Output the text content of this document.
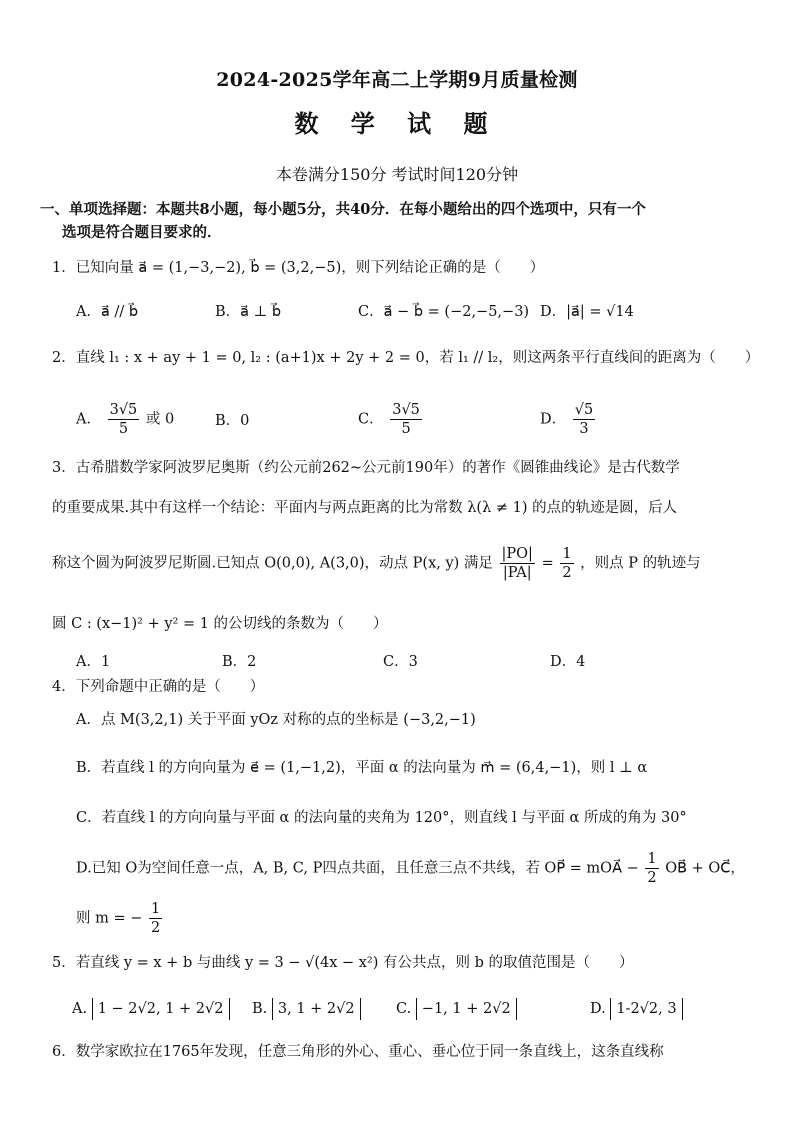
2024-2025学年高二上学期9月质量检测
数 学 试 题
本卷满分150分 考试时间120分钟
一、单项选择题：本题共8小题，每小题5分，共40分．在每小题给出的四个选项中，只有一个
选项是符合题目要求的．
1．已知向量 a⃗ = (1,−3,−2), b⃗ = (3,2,−5)，则下列结论正确的是（　　）
A．a⃗ // b⃗	B．a⃗ ⊥ b⃗	C．a⃗ − b⃗ = (−2,−5,−3) D．|a⃗| = √14
2．直线 l₁ : x + ay + 1 = 0, l₂ : (a+1)x + 2y + 2 = 0，若 l₁ // l₂，则这两条平行直线间的距离为（　　）
A． $\frac{3√5}{5}$ 或 0	B．0	C． $\frac{3√5}{5}$	D． $\frac{√5}{3}$
3．古希腊数学家阿波罗尼奥斯（约公元前262~公元前190年）的著作《圆锥曲线论》是古代数学
的重要成果.其中有这样一个结论：平面内与两点距离的比为常数 λ(λ ≠ 1) 的点的轨迹是圆，后人
称这个圆为阿波罗尼斯圆.已知点 O(0,0), A(3,0)，动点 P(x, y) 满足 $\frac{|PO|}{|PA|} = \frac{1}{2}$ ，则点 P 的轨迹与
圆 C : (x−1)² + y² = 1 的公切线的条数为（　　）
A．1	B．2	C．3	D．4
4．下列命题中正确的是（　　）
A．点 M(3,2,1) 关于平面 yOz 对称的点的坐标是 (−3,2,−1)
B．若直线 l 的方向向量为 e⃗ = (1,−1,2)，平面 α 的法向量为 m⃗ = (6,4,−1)，则 l ⊥ α
C．若直线 l 的方向向量与平面 α 的法向量的夹角为 120°，则直线 l 与平面 α 所成的角为 30°
D.已知 O为空间任意一点，A, B, C, P四点共面，且任意三点不共线，若 OP⃗ = mOA⃗ − $\frac{1}{2}$ OB⃗ + OC⃗，
则 m = − $\frac{1}{2}$
5．若直线 y = x + b 与曲线 y = 3 − √(4x − x²) 有公共点，则 b 的取值范围是（　　）
A. 1 − 2√2, 1 + 2√2	B. 3, 1 + 2√2	C. −1, 1 + 2√2	D. 1-2√2, 3
6．数学家欧拉在1765年发现，任意三角形的外心、重心、垂心位于同一条直线上，这条直线称
